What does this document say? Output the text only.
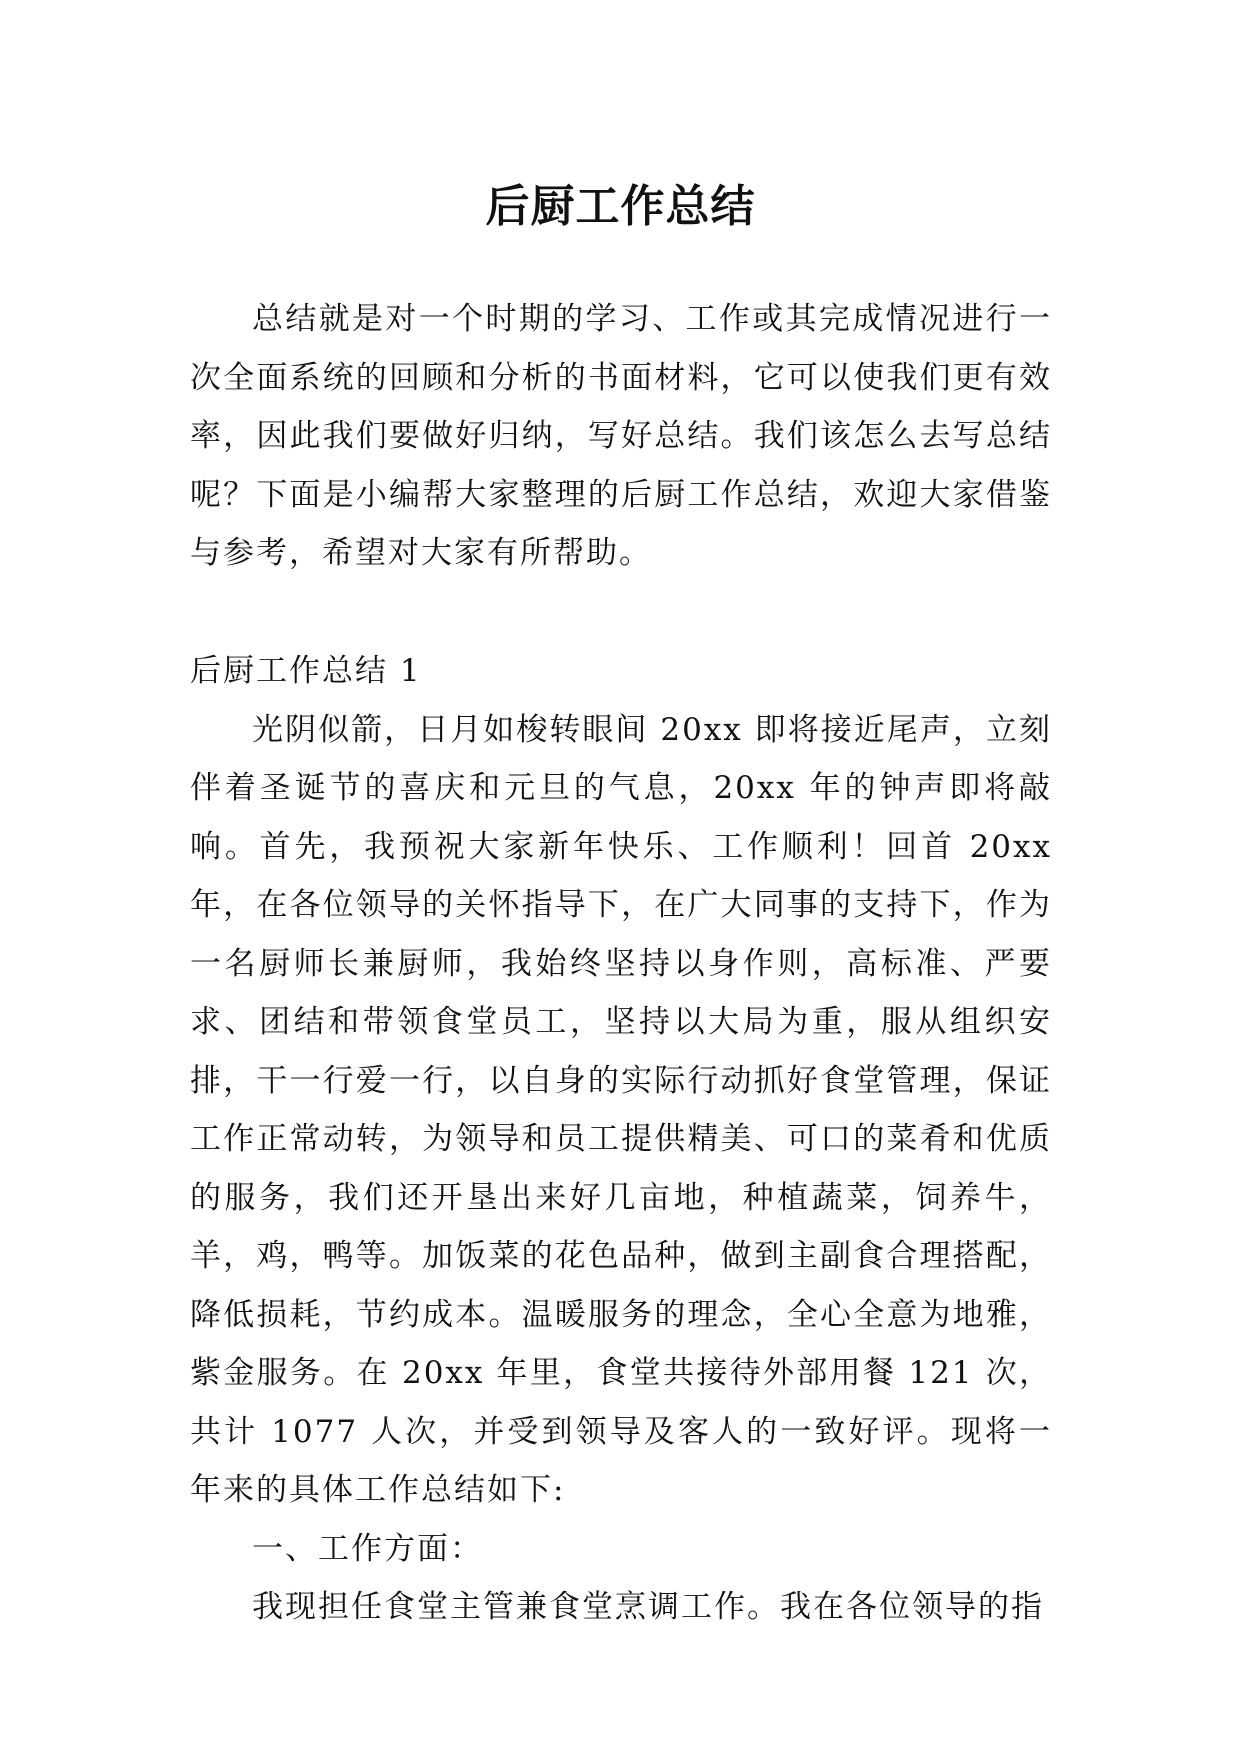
后厨工作总结

总结就是对一个时期的学习、工作或其完成情况进行一次全面系统的回顾和分析的书面材料，它可以使我们更有效率，因此我们要做好归纳，写好总结。我们该怎么去写总结呢？下面是小编帮大家整理的后厨工作总结，欢迎大家借鉴与参考，希望对大家有所帮助。

后厨工作总结 1

光阴似箭，日月如梭转眼间 20xx 即将接近尾声，立刻伴着圣诞节的喜庆和元旦的气息，20xx 年的钟声即将敲响。首先，我预祝大家新年快乐、工作顺利！回首 20xx 年，在各位领导的关怀指导下，在广大同事的支持下，作为一名厨师长兼厨师，我始终坚持以身作则，高标准、严要求、团结和带领食堂员工，坚持以大局为重，服从组织安排，干一行爱一行，以自身的实际行动抓好食堂管理，保证工作正常动转，为领导和员工提供精美、可口的菜肴和优质的服务，我们还开垦出来好几亩地，种植蔬菜，饲养牛，羊，鸡，鸭等。加饭菜的花色品种，做到主副食合理搭配，降低损耗，节约成本。温暖服务的理念，全心全意为地雅，紫金服务。在 20xx 年里，食堂共接待外部用餐 121 次，共计 1077 人次，并受到领导及客人的一致好评。现将一年来的具体工作总结如下:

一、工作方面：

我现担任食堂主管兼食堂烹调工作。我在各位领导的指
